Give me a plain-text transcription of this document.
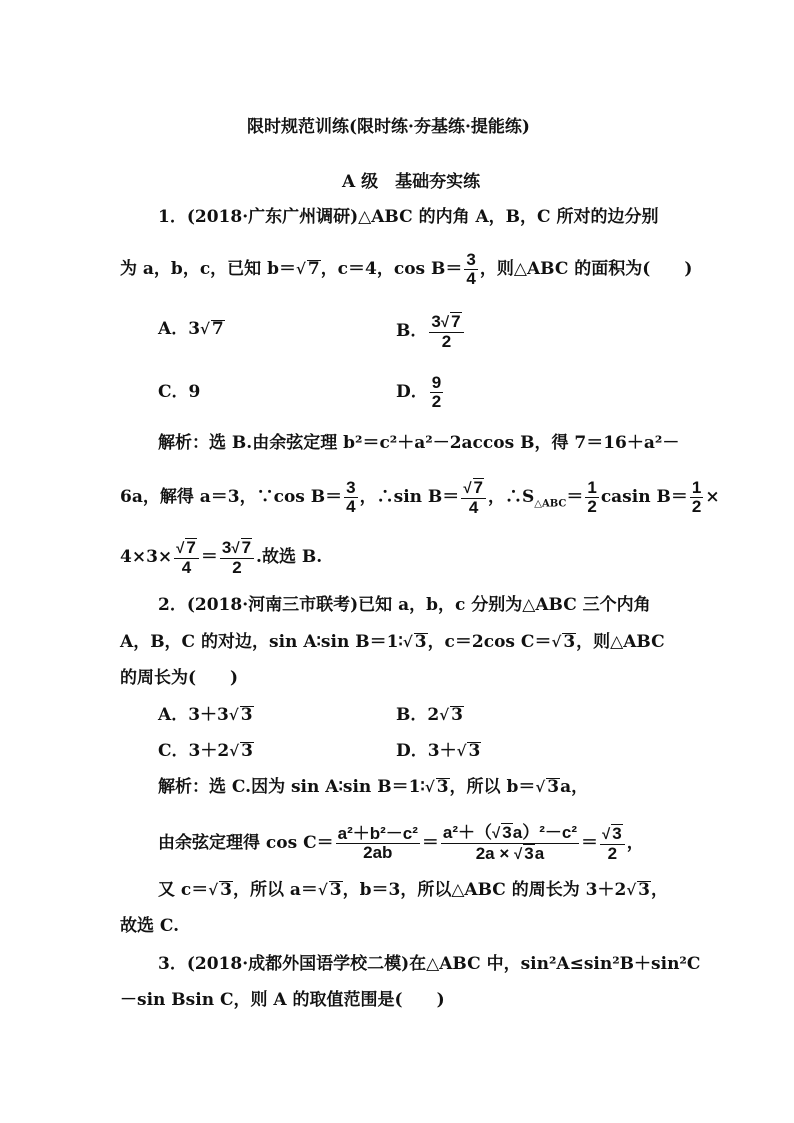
限时规范训练(限时练·夯基练·提能练)
A 级　基础夯实练
1．(2018·广东广州调研)△ABC 的内角 A，B，C 所对的边分别
为 a，b，c，已知 b＝√ 7，c＝4，$\cos B= \frac{3}{4}$ ，则△ABC 的面积为(　　)
A．3√ 7	B． $\frac{3√ 7}{2}$
C．9	D． $\frac{9}{2}$
解析：选 B.由余弦定理 b²＝c²＋a²－2accos B，得 7＝16＋a²－
6a，解得 a＝3，∵cos $B= \frac{3}{4}$ ，∴sin $B= \frac{√ 7}{4}$ ，$\therefore S_{\triangle ABC}= \frac{1}{2}$ casin $B= \frac{1}{2}$ ×
$4\times 3\times \frac{√ 7}{4} = \frac{3√ 7}{2}$ .故选 B.
2．(2018·河南三市联考)已知 a，b，c 分别为△ABC 三个内角
A，B，C 的对边，sin A∶sin B＝1∶√ 3，c＝2cos C＝√ 3，则△ABC
的周长为(　　)
A．3＋3√ 3	B．2√ 3
C．3＋2√ 3	D．3＋√ 3
解析：选 C.因为 sin A∶sin B＝1∶√ 3，所以 b＝√ 3a，
由余弦定理得 $\cos C= \frac{\text{a²＋b²－c²}}{2ab} = \frac{\text{a²＋（√ 3a）²－c²}}{2a \times √ 3a} = \frac{√ 3}{2}$ ，
又 c＝√ 3，所以 a＝√ 3，b＝3，所以△ABC 的周长为 3＋2√ 3，
故选 C.
3．(2018·成都外国语学校二模)在△ABC 中，sin²A≤sin²B＋sin²C
－sin Bsin C，则 A 的取值范围是(　　)
